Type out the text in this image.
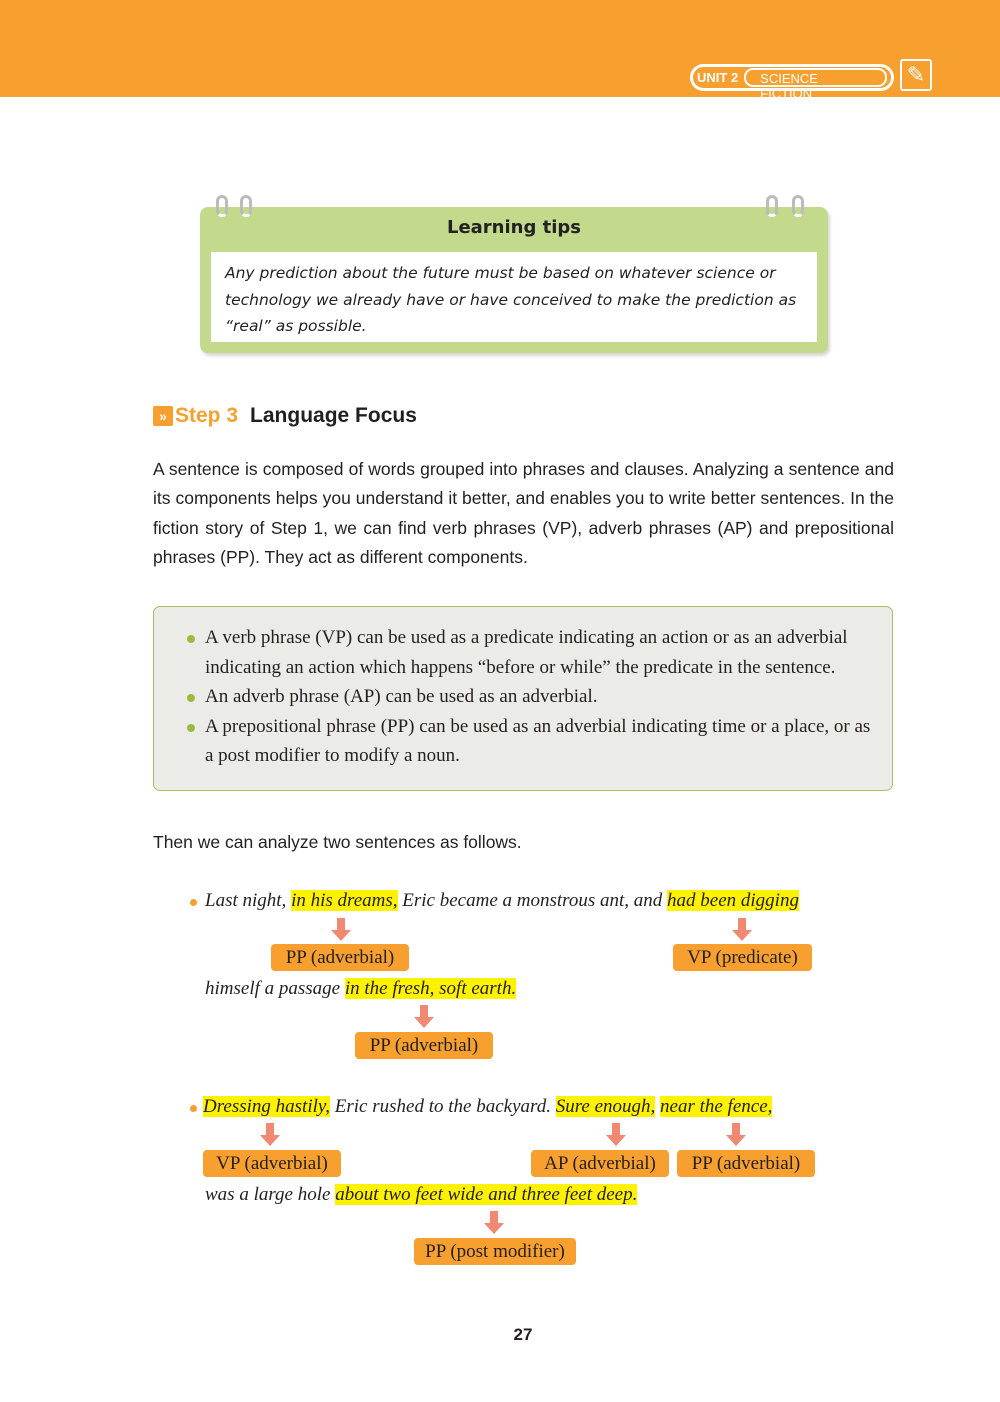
UNIT 2	SCIENCE FICTION
✎
Learning tips
Any prediction about the future must be based on whatever science or technology we already have or have conceived to make the prediction as “real” as possible.
» Step 3 Language Focus

A sentence is composed of words grouped into phrases and clauses. Analyzing a sentence and its components helps you understand it better, and enables you to write better sentences. In the fiction story of Step 1, we can find verb phrases (VP), adverb phrases (AP) and prepositional phrases (PP). They act as different components.

A verb phrase (VP) can be used as a predicate indicating an action or as an adverbial indicating an action which happens “before or while” the predicate in the sentence.
An adverb phrase (AP) can be used as an adverbial.
A prepositional phrase (PP) can be used as an adverbial indicating time or a place, or as a post modifier to modify a noun.
Then we can analyze two sentences as follows.
Last night, in his dreams, Eric became a monstrous ant, and had been digging
PP (adverbial)	VP (predicate)
himself a passage in the fresh, soft earth.
PP (adverbial)
Dressing hastily, Eric rushed to the backyard. Sure enough, near the fence,
VP (adverbial)	AP (adverbial)	PP (adverbial)
was a large hole about two feet wide and three feet deep.
PP (post modifier)
27
